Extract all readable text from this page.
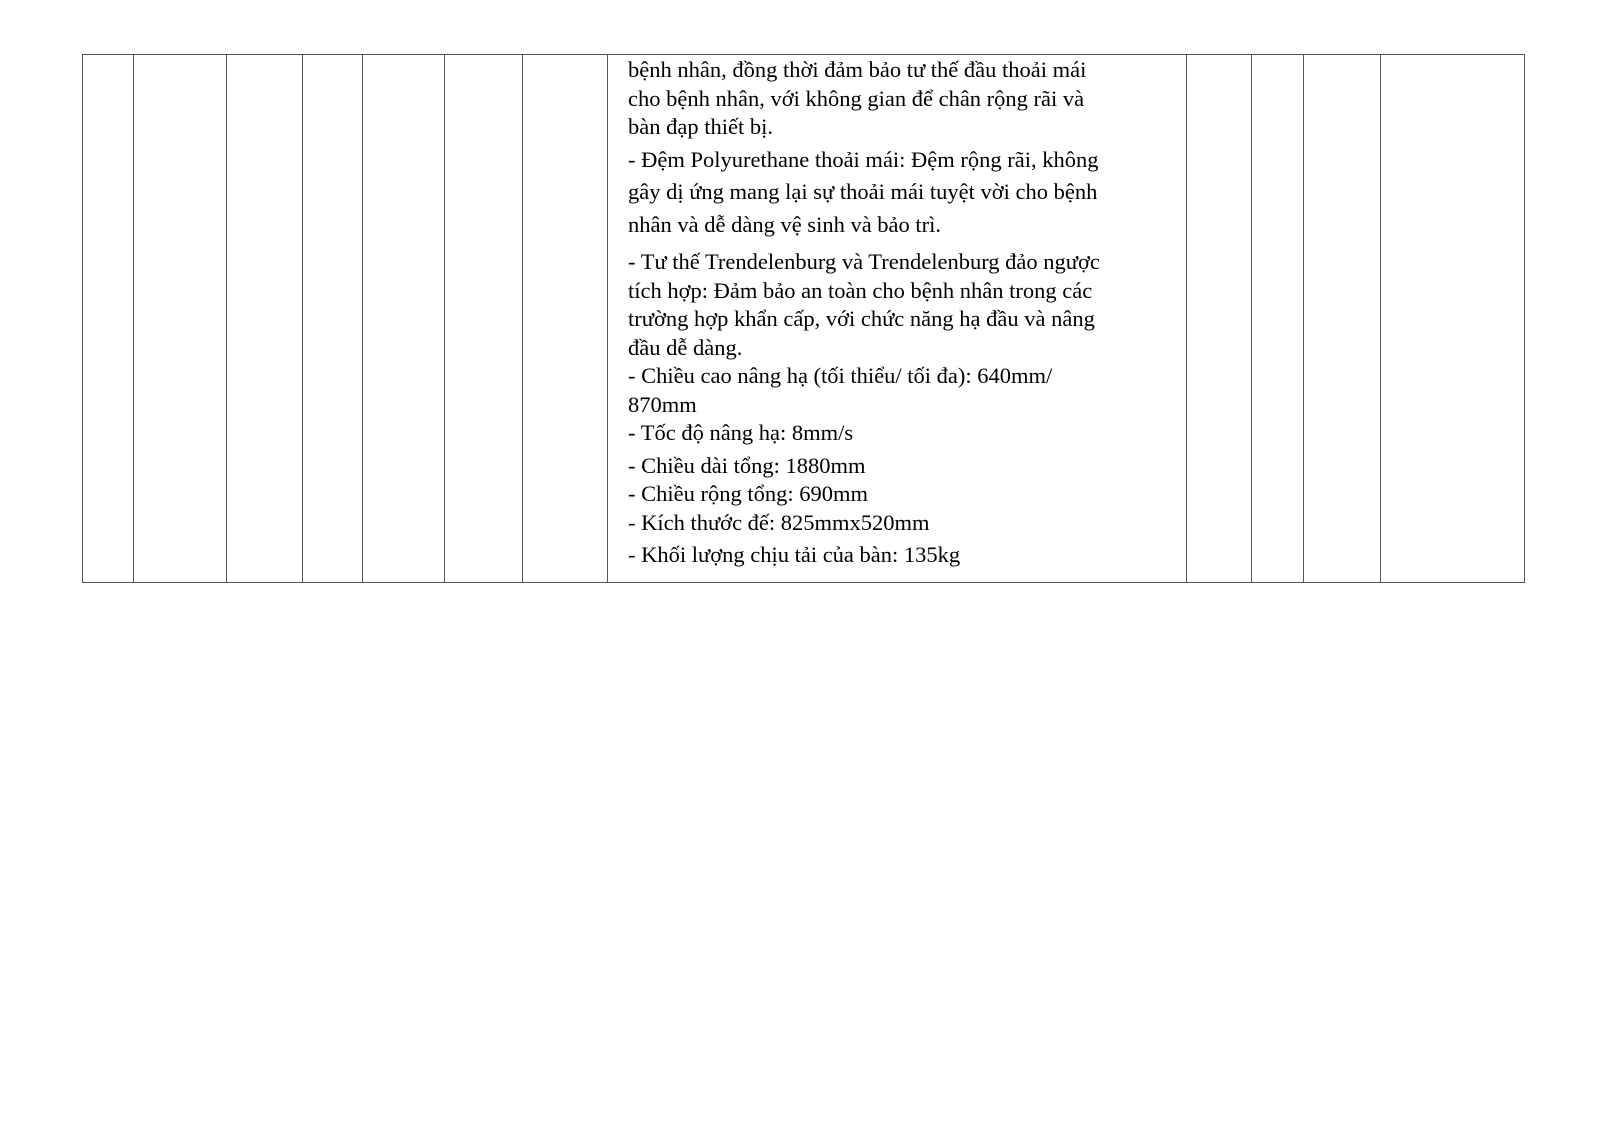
bệnh nhân, đồng thời đảm bảo tư thế đầu thoải mái
cho bệnh nhân, với không gian để chân rộng rãi và
bàn đạp thiết bị.
- Đệm Polyurethane thoải mái: Đệm rộng rãi, không
gây dị ứng mang lại sự thoải mái tuyệt vời cho bệnh
nhân và dễ dàng vệ sinh và bảo trì.
- Tư thế Trendelenburg và Trendelenburg đảo ngược
tích hợp: Đảm bảo an toàn cho bệnh nhân trong các
trường hợp khẩn cấp, với chức năng hạ đầu và nâng
đầu dễ dàng.
- Chiều cao nâng hạ (tối thiểu/ tối đa): 640mm/
870mm
- Tốc độ nâng hạ: 8mm/s
- Chiều dài tổng: 1880mm
- Chiều rộng tổng: 690mm
- Kích thước đế: 825mmx520mm
- Khối lượng chịu tải của bàn: 135kg
